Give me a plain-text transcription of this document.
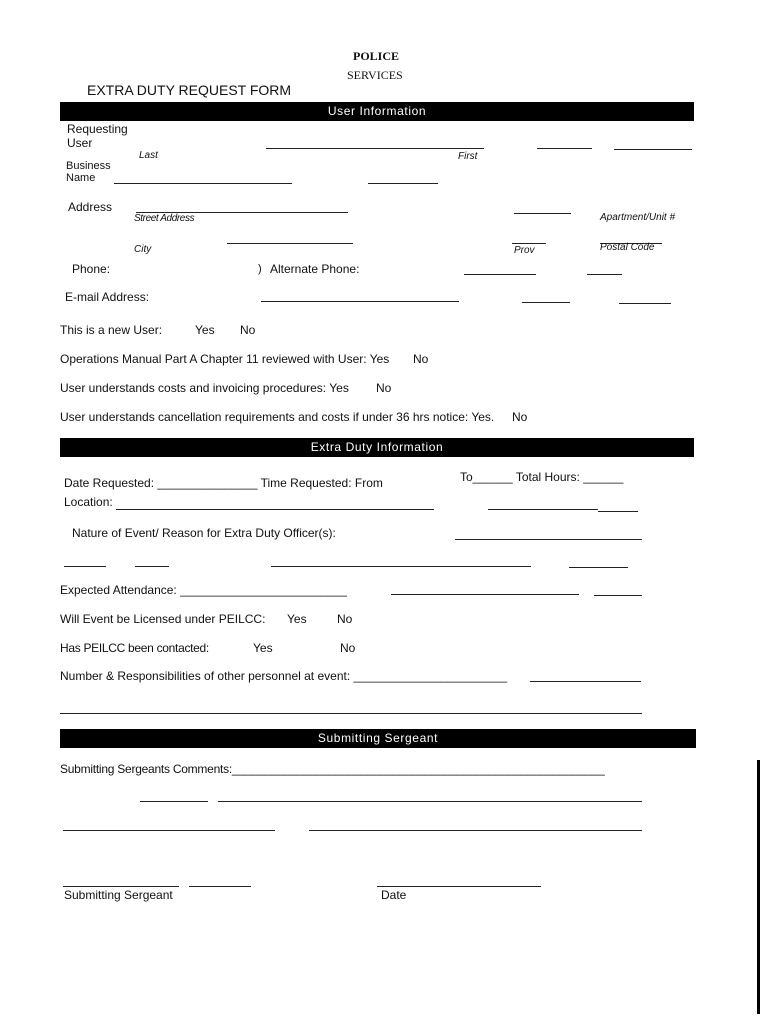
POLICE
SERVICES
EXTRA DUTY REQUEST FORM
User Information
Requesting
User
Last	First
Business
Name
Address
Street Address	Apartment/Unit #
City	Prov	Postal Code
Phone:	) Alternate Phone:
E-mail Address:
This is a new User:	Yes No
Operations Manual Part A Chapter 11 reviewed with User: Yes No
User understands costs and invoicing procedures: Yes No
User understands cancellation requirements and costs if under 36 hrs notice: Yes. No
Extra Duty Information
Date Requested: _______________ Time Requested: From	To______ Total Hours: ______
Location:
Nature of Event/ Reason for Extra Duty Officer(s):
Expected Attendance: _________________________
Will Event be Licensed under PEILCC: Yes	No
Has PEILCC been contacted:	Yes	No
Number & Responsibilities of other personnel at event: _______________________
Submitting Sergeant
Submitting Sergeants Comments:__________________________________________________________
Submitting Sergeant	Date
